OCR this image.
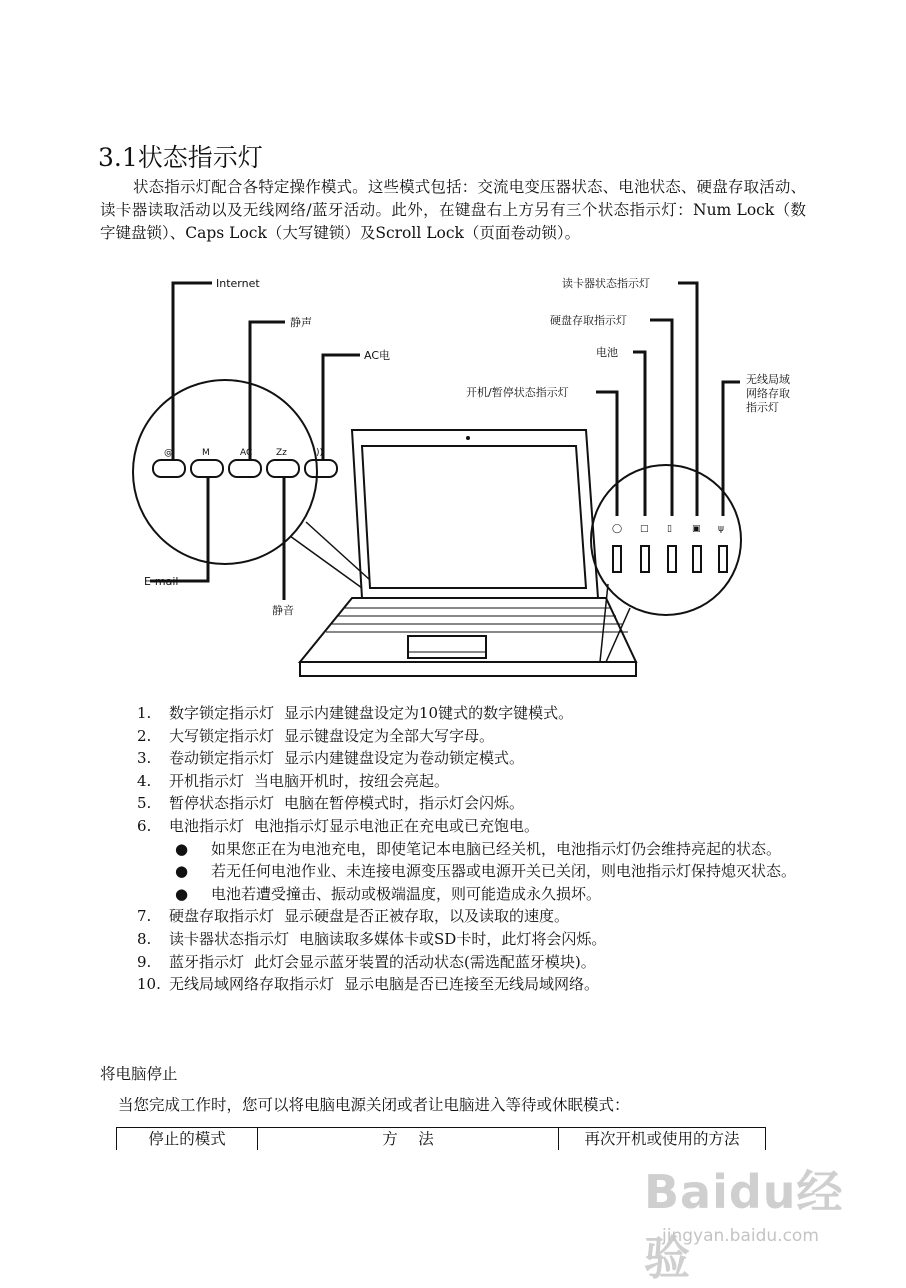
3.1状态指示灯
状态指示灯配合各特定操作模式。这些模式包括：交流电变压器状态、电池状态、硬盘存取活动、读卡器读取活动以及无线网络/蓝牙活动。此外，在键盘右上方另有三个状态指示灯：Num Lock（数字键盘锁）、Caps Lock（大写键锁）及Scroll Lock（页面卷动锁）。
@	M	AC	Zz	))
Internet
静声
AC电
E-mail
静音
◯ □ ▯ ▣ ψ
读卡器状态指示灯
硬盘存取指示灯
电池
开机/暂停状态指示灯
无线局域
网络存取
指示灯
1. 数字锁定指示灯 显示内建键盘设定为10键式的数字键模式。
2. 大写锁定指示灯 显示键盘设定为全部大写字母。
3. 卷动锁定指示灯 显示内建键盘设定为卷动锁定模式。
4. 开机指示灯 当电脑开机时，按纽会亮起。
5. 暂停状态指示灯 电脑在暂停模式时，指示灯会闪烁。
6. 电池指示灯 电池指示灯显示电池正在充电或已充饱电。
● 如果您正在为电池充电，即使笔记本电脑已经关机，电池指示灯仍会维持亮起的状态。
● 若无任何电池作业、未连接电源变压器或电源开关已关闭，则电池指示灯保持熄灭状态。
● 电池若遭受撞击、振动或极端温度，则可能造成永久损坏。
7. 硬盘存取指示灯 显示硬盘是否正被存取，以及读取的速度。
8. 读卡器状态指示灯 电脑读取多媒体卡或SD卡时，此灯将会闪烁。
9. 蓝牙指示灯 此灯会显示蓝牙装置的活动状态(需选配蓝牙模块)。
10. 无线局域网络存取指示灯 显示电脑是否已连接至无线局域网络。
将电脑停止
当您完成工作时，您可以将电脑电源关闭或者让电脑进入等待或休眠模式：
停止的模式	方　 法	再次开机或使用的方法
Baidu经验
jingyan.baidu.com
